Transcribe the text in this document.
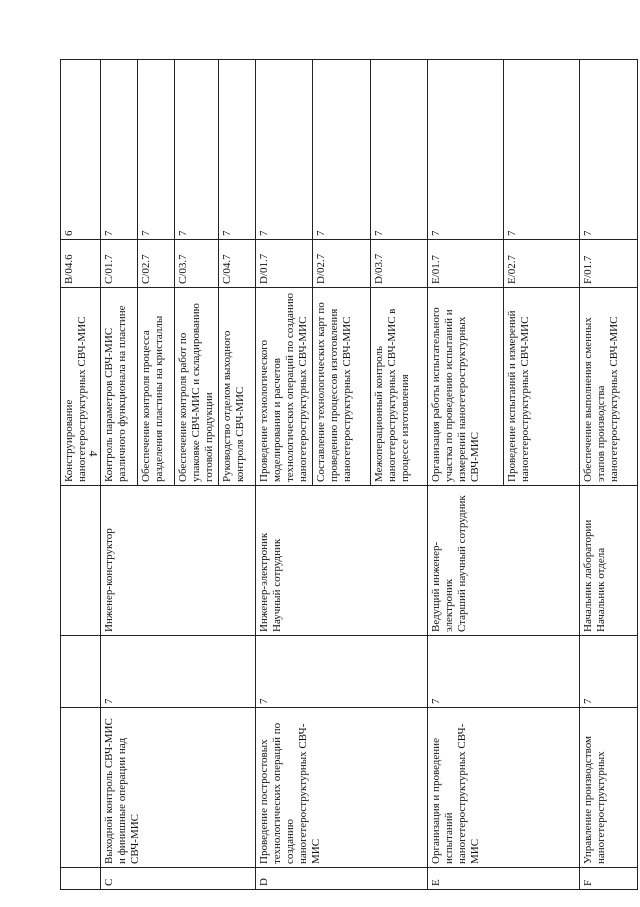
4
				Конструирование наногетероструктурных СВЧ-МИС	B/04.6	6
C	Выходной контроль СВЧ-МИС и финишные операции над СВЧ-МИС	7	Инженер-конструктор	Контроль параметров СВЧ-МИС различного функционала на пластине	C/01.7	7
				Обеспечение контроля процесса разделения пластины на кристаллы	C/02.7	7
				Обеспечение контроля работ по упаковке СВЧ-МИС и складированию готовой продукции	C/03.7	7
				Руководство отделом выходного контроля СВЧ-МИС	C/04.7	7
D	Проведение постростовых технологических операций по созданию наногетероструктурных СВЧ-МИС	7	Инженер-электроник Научный сотрудник	Проведение технологического моделирования и расчетов технологических операций по созданию наногетероструктурных СВЧ-МИС	D/01.7	7
				Составление технологических карт по проведению процессов изготовления наногетероструктурных СВЧ-МИС	D/02.7	7
				Межоперационный контроль наногетероструктурных СВЧ-МИС в процессе изготовления	D/03.7	7
E	Организация и проведение испытаний наногетероструктурных СВЧ-МИС	7	Ведущий инженер-электроник Старший научный сотрудник	Организация работы испытательного участка по проведению испытаний и измерений наногетероструктурных СВЧ-МИС	E/01.7	7
				Проведение испытаний и измерений наногетероструктурных СВЧ-МИС	E/02.7	7
F	Управление производством наногетероструктурных	7	Начальник лаборатории Начальник отдела	Обеспечение выполнения сменных этапов производства наногетероструктурных СВЧ-МИС	F/01.7	7
